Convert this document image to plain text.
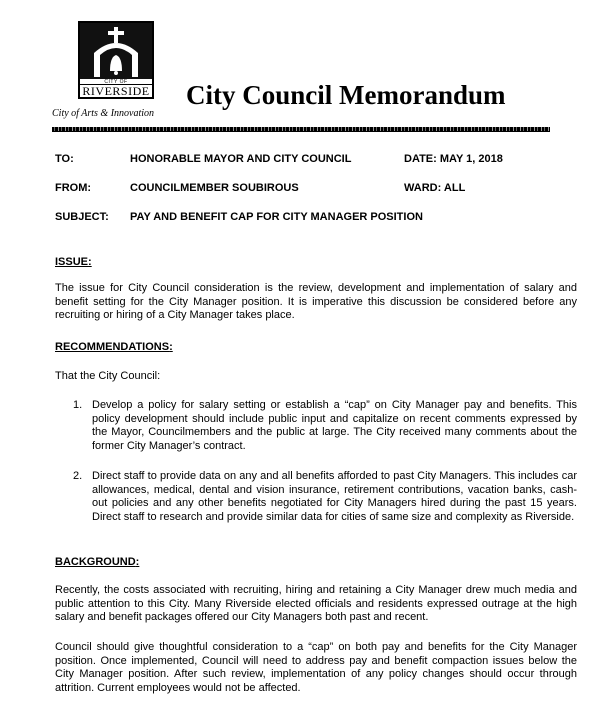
CITY OF
RIVERSIDE
City of Arts & Innovation
City Council Memorandum
TO:	HONORABLE MAYOR AND CITY COUNCIL	DATE: MAY 1, 2018
FROM:	COUNCILMEMBER SOUBIROUS	WARD: ALL
SUBJECT: PAY AND BENEFIT CAP FOR CITY MANAGER POSITION
ISSUE:
The issue for City Council consideration is the review, development and implementation of salary and benefit setting for the City Manager position. It is imperative this discussion be considered before any recruiting or hiring of a City Manager takes place.
RECOMMENDATIONS:
That the City Council:
1. Develop a policy for salary setting or establish a “cap” on City Manager pay and benefits. This policy development should include public input and capitalize on recent comments expressed by the Mayor, Councilmembers and the public at large. The City received many comments about the former City Manager’s contract.
2. Direct staff to provide data on any and all benefits afforded to past City Managers. This includes car allowances, medical, dental and vision insurance, retirement contributions, vacation banks, cash-out policies and any other benefits negotiated for City Managers hired during the past 15 years. Direct staff to research and provide similar data for cities of same size and complexity as Riverside.
BACKGROUND:
Recently, the costs associated with recruiting, hiring and retaining a City Manager drew much media and public attention to this City. Many Riverside elected officials and residents expressed outrage at the high salary and benefit packages offered our City Managers both past and recent.
Council should give thoughtful consideration to a “cap” on both pay and benefits for the City Manager position. Once implemented, Council will need to address pay and benefit compaction issues below the City Manager position. After such review, implementation of any policy changes should occur through attrition. Current employees would not be affected.
